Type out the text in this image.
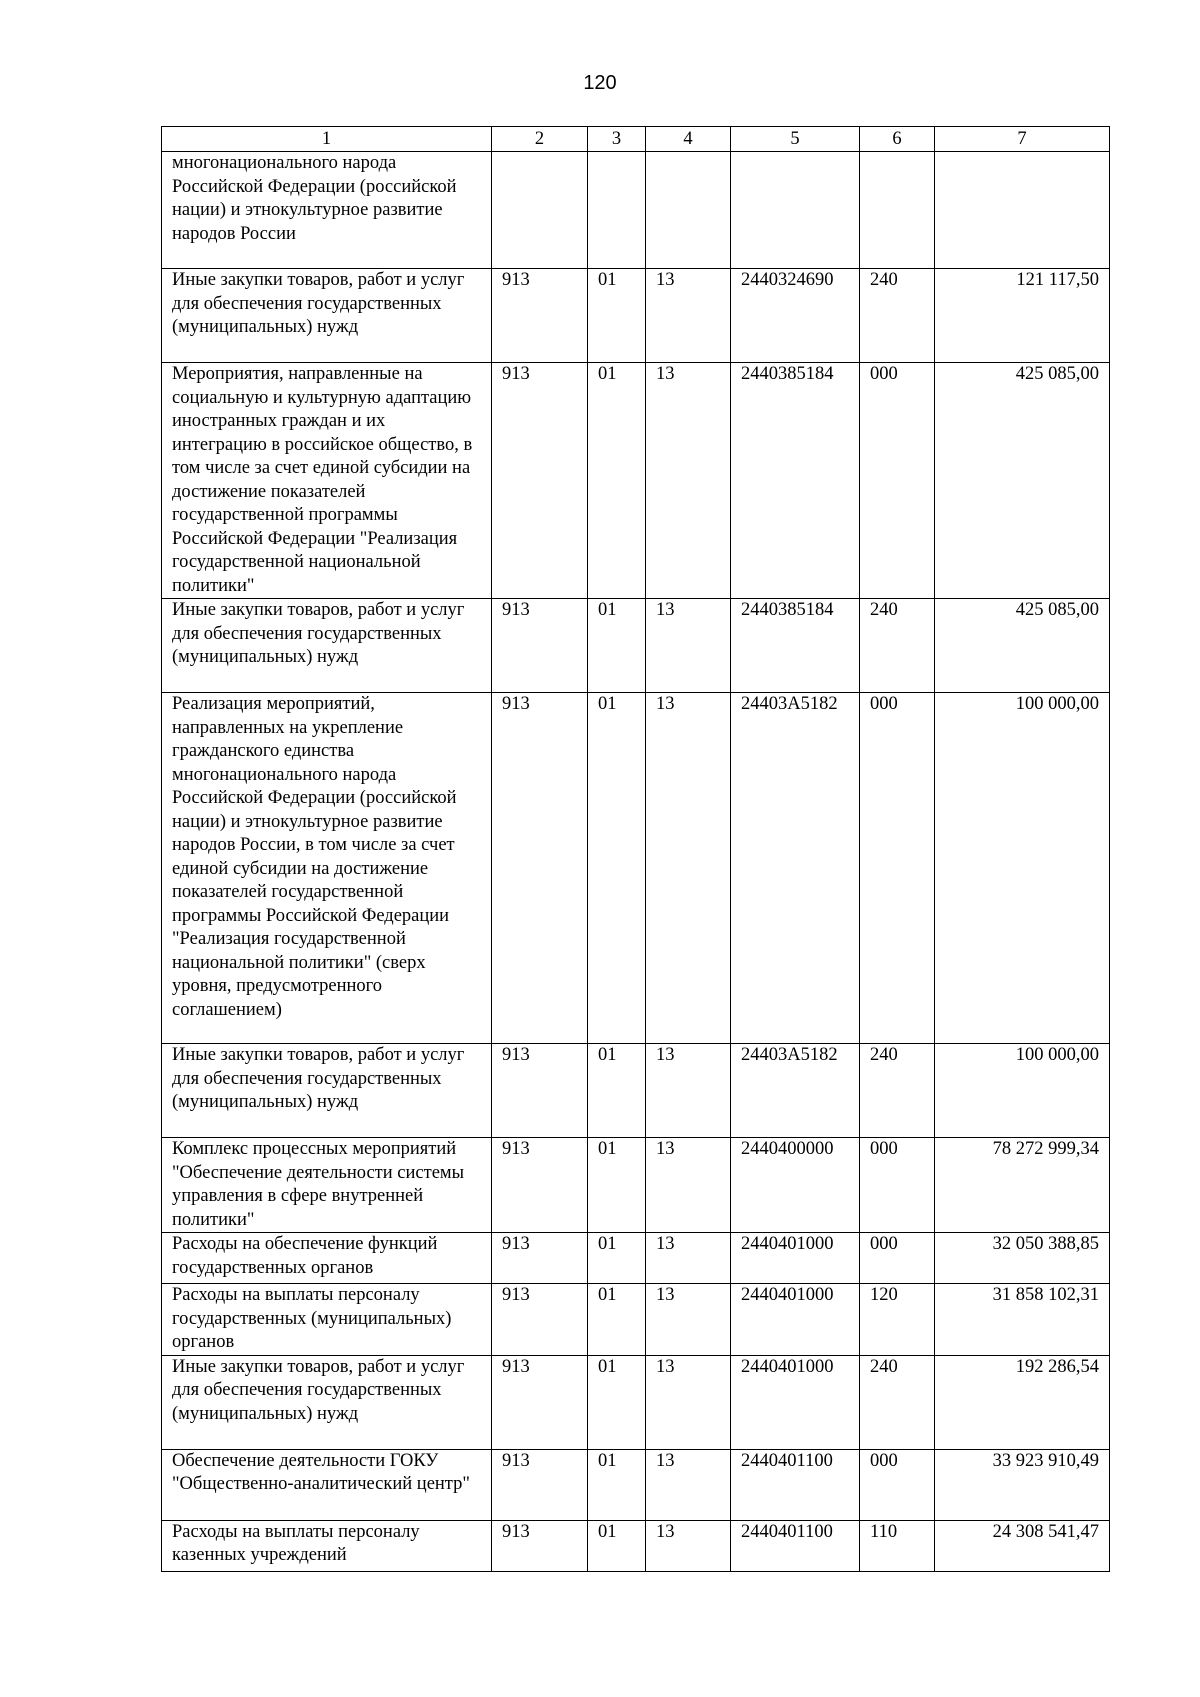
120
1	2	3	4	5	6	7
многонационального народа Российской Федерации (российской нации) и этнокультурное развитие народов России						
Иные закупки товаров, работ и услуг для обеспечения государственных (муниципальных) нужд	913	01	13	2440324690	240	121 117,50
Мероприятия, направленные на социальную и культурную адаптацию иностранных граждан и их интеграцию в российское общество, в том числе за счет единой субсидии на достижение показателей государственной программы Российской Федерации "Реализация государственной национальной политики"	913	01	13	2440385184	000	425 085,00
Иные закупки товаров, работ и услуг для обеспечения государственных (муниципальных) нужд	913	01	13	2440385184	240	425 085,00
Реализация мероприятий, направленных на укрепление гражданского единства многонационального народа Российской Федерации (российской нации) и этнокультурное развитие народов России, в том числе за счет единой субсидии на достижение показателей государственной программы Российской Федерации "Реализация государственной национальной политики" (сверх уровня, предусмотренного соглашением)	913	01	13	24403А5182	000	100 000,00
Иные закупки товаров, работ и услуг для обеспечения государственных (муниципальных) нужд	913	01	13	24403А5182	240	100 000,00
Комплекс процессных мероприятий "Обеспечение деятельности системы управления в сфере внутренней политики"	913	01	13	2440400000	000	78 272 999,34
Расходы на обеспечение функций государственных органов	913	01	13	2440401000	000	32 050 388,85
Расходы на выплаты персоналу государственных (муниципальных) органов	913	01	13	2440401000	120	31 858 102,31
Иные закупки товаров, работ и услуг для обеспечения государственных (муниципальных) нужд	913	01	13	2440401000	240	192 286,54
Обеспечение деятельности ГОКУ "Общественно-аналитический центр"	913	01	13	2440401100	000	33 923 910,49
Расходы на выплаты персоналу казенных учреждений	913	01	13	2440401100	110	24 308 541,47
